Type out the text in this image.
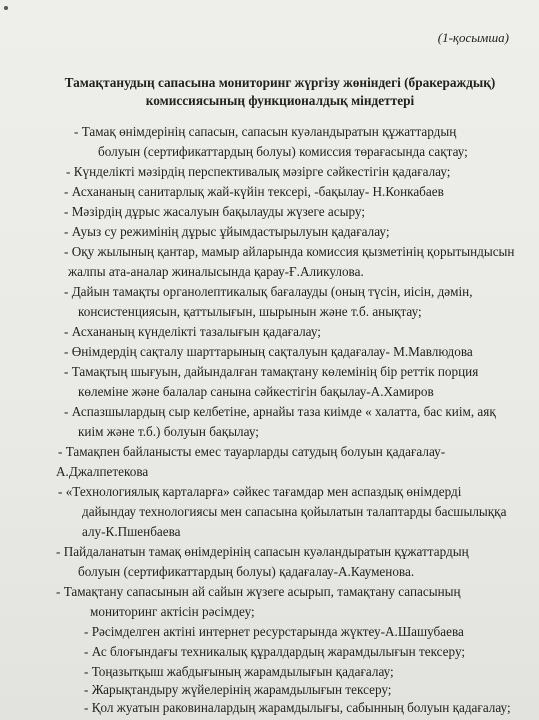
(1-қосымша)
Тамақтанудың сапасына мониторинг жүргізу жөніндегі (бракераждық)
комиссиясының функционалдық міндеттері
- Тамақ өнімдерінің сапасын, сапасын куәландыратын құжаттардың
болуын (сертификаттардың болуы) комиссия төрағасында сақтау;
- Күнделікті мәзірдің перспективалық мәзірге сәйкестігін қадағалау;
- Асхананың санитарлық жай-күйін тексері, -бақылау- Н.Конкабаев
- Мәзірдің дұрыс жасалуын бақылауды жүзеге асыру;
- Ауыз су режимінің дұрыс ұйымдастырылуын қадағалау;
- Оқу жылының қантар, мамыр айларында комиссия қызметінің қорытындысын
жалпы ата-аналар жиналысында қарау-Ғ.Аликулова.
- Дайын тамақты органолептикалық бағалауды (оның түсін, иісін, дәмін,
консистенциясын, қаттылығын, шырынын және т.б. анықтау;
- Асхананың күнделікті тазалығын қадағалау;
- Өнімдердің сақталу шарттарының сақталуын қадағалау- М.Мавлюдова
- Тамақтың шығуын, дайындалған тамақтану көлемінің бір реттік порция
көлеміне және балалар санына сәйкестігін бақылау-А.Хамиров
- Аспазшылардың сыр келбетіне, арнайы таза киімде « халатта, бас киім, аяқ
киім және т.б.) болуын бақылау;
- Тамақпен байланысты емес тауарларды сатудың болуын қадағалау-
А.Джалпетекова
- «Технологиялық карталарға» сәйкес тағамдар мен аспаздық өнімдерді
дайындау технологиясы мен сапасына қойылатын талаптарды басшылыққа
алу-К.Пшенбаева
- Пайдаланатын тамақ өнімдерінің сапасын куәландыратын құжаттардың
болуын (сертификаттардың болуы) қадағалау-А.Кауменова.
- Тамақтану сапасынын ай сайын жүзеге асырып, тамақтану сапасының
мониторинг актісін рәсімдеу;
- Рәсімделген актіні интернет ресурстарында жүктеу-А.Шашубаева
- Ас блоғындағы техникалық құралдардың жарамдылығын тексеру;
- Тоңазытқыш жабдығының жарамдылығын қадағалау;
- Жарықтандыру жүйелерінің жарамдылығын тексеру;
- Қол жуатын раковиналардың жарамдылығы, сабынның болуын қадағалау;
